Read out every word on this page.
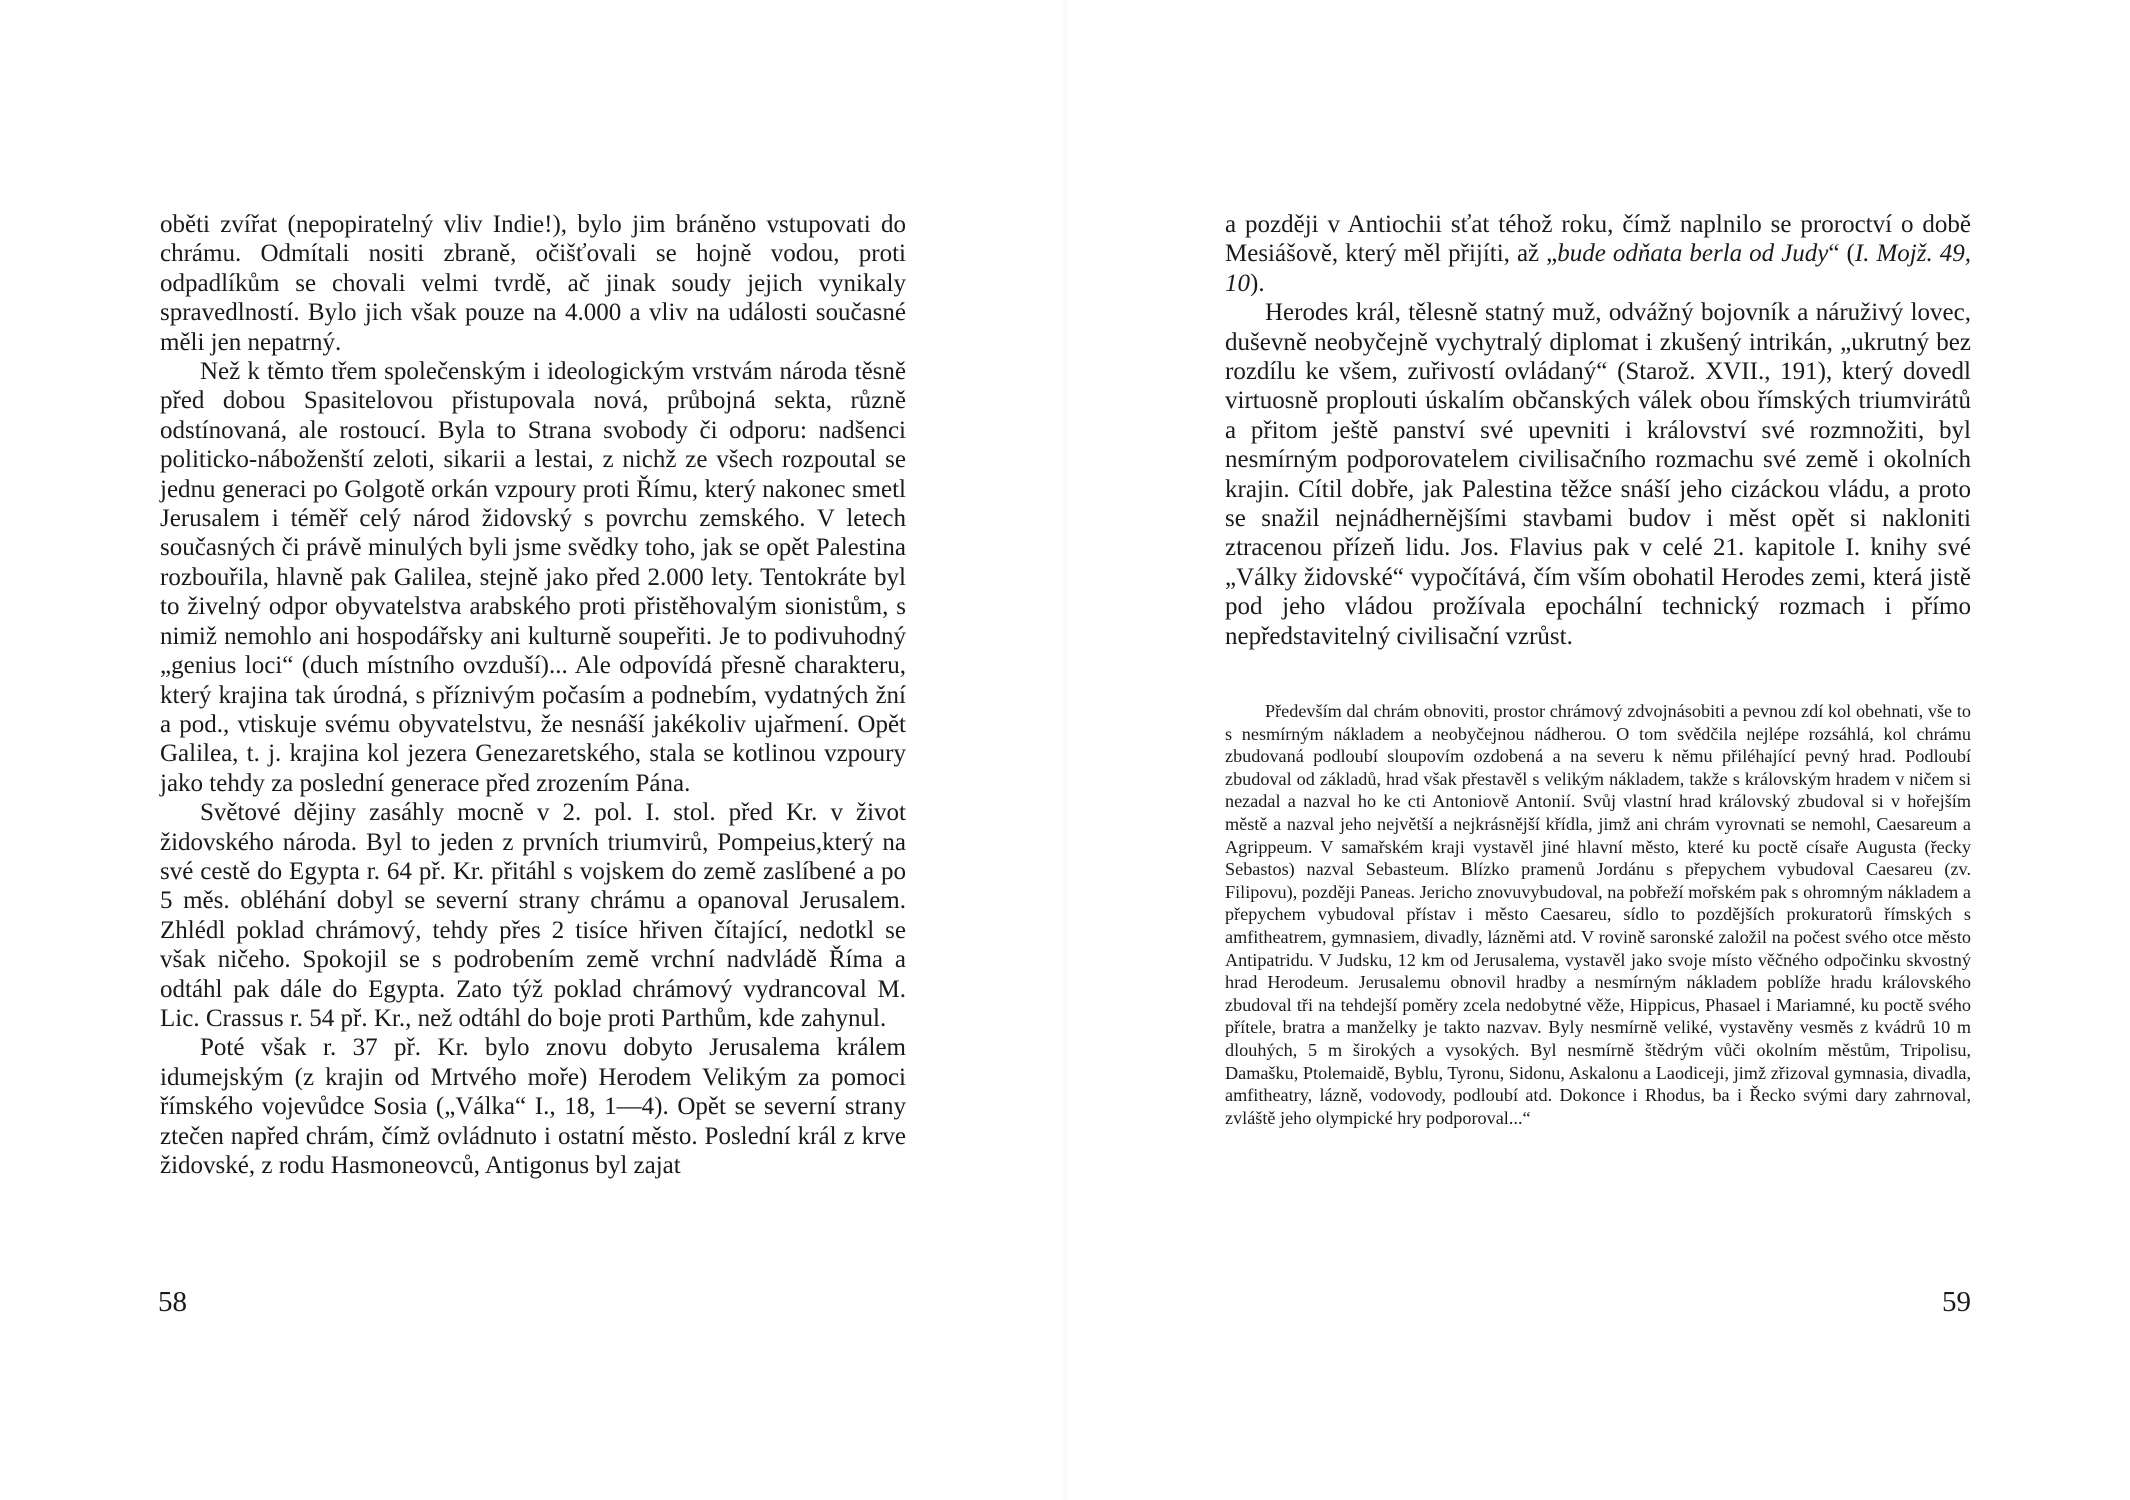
oběti zvířat (nepopiratelný vliv Indie!), bylo jim bráněno vstupovati do chrámu. Odmítali nositi zbraně, očišťovali se hojně vodou, proti odpadlíkům se chovali velmi tvrdě, ač jinak soudy jejich vynikaly spravedlností. Bylo jich však pouze na 4.000 a vliv na události současné měli jen nepatrný.

Než k těmto třem společenským i ideologickým vrstvám národa těsně před dobou Spasitelovou přistupovala nová, průbojná sekta, různě odstínovaná, ale rostoucí. Byla to Strana svobody či odporu: nadšenci politicko-náboženští zeloti, sikarii a lestai, z nichž ze všech rozpoutal se jednu generaci po Golgotě orkán vzpoury proti Římu, který nakonec smetl Jerusalem i téměř celý národ židovský s povrchu zemského. V letech současných či právě minulých byli jsme svědky toho, jak se opět Palestina rozbouřila, hlavně pak Galilea, stejně jako před 2.000 lety. Tentokráte byl to živelný odpor obyvatelstva arabského proti přistěhovalým sionistům, s nimiž nemohlo ani hospodářsky ani kulturně soupeřiti. Je to podivuhodný „genius loci“ (duch místního ovzduší)... Ale odpovídá přesně charakteru, který krajina tak úrodná, s příznivým počasím a podnebím, vydatných žní a pod., vtiskuje svému obyvatelstvu, že nesnáší jakékoliv ujařmení. Opět Galilea, t. j. krajina kol jezera Genezaretského, stala se kotlinou vzpoury jako tehdy za poslední generace před zrozením Pána.

Světové dějiny zasáhly mocně v 2. pol. I. stol. před Kr. v život židovského národa. Byl to jeden z prvních triumvirů, Pompeius,který na své cestě do Egypta r. 64 př. Kr. přitáhl s vojskem do země zaslíbené a po 5 měs. obléhání dobyl se severní strany chrámu a opanoval Jerusalem. Zhlédl poklad chrámový, tehdy přes 2 tisíce hřiven čítající, nedotkl se však ničeho. Spokojil se s podrobením země vrchní nadvládě Říma a odtáhl pak dále do Egypta. Zato týž poklad chrámový vydrancoval M. Lic. Crassus r. 54 př. Kr., než odtáhl do boje proti Parthům, kde zahynul.

Poté však r. 37 př. Kr. bylo znovu dobyto Jerusalema králem idumejským (z krajin od Mrtvého moře) Herodem Velikým za pomoci římského vojevůdce Sosia („Válka“ I., 18, 1—4). Opět se severní strany ztečen napřed chrám, čímž ovládnuto i ostatní město. Poslední král z krve židovské, z rodu Hasmoneovců, Antigonus byl zajat

58

a později v Antiochii sťat téhož roku, čímž naplnilo se proroctví o době Mesiášově, který měl přijíti, až „bude odňata berla od Judy“ (I. Mojž. 49, 10).

Herodes král, tělesně statný muž, odvážný bojovník a náruživý lovec, duševně neobyčejně vychytralý diplomat i zkušený intrikán, „ukrutný bez rozdílu ke všem, zuřivostí ovládaný“ (Starož. XVII., 191), který dovedl virtuosně proplouti úskalím občanských válek obou římských triumvirátů a přitom ještě panství své upevniti i království své rozmnožiti, byl nesmírným podporovatelem civilisačního rozmachu své země i okolních krajin. Cítil dobře, jak Palestina těžce snáší jeho cizáckou vládu, a proto se snažil nejnádhernějšími stavbami budov i měst opět si nakloniti ztracenou přízeň lidu. Jos. Flavius pak v celé 21. kapitole I. knihy své „Války židovské“ vypočítává, čím vším obohatil Herodes zemi, která jistě pod jeho vládou prožívala epochální technický rozmach i přímo nepředstavitelný civilisační vzrůst.

Především dal chrám obnoviti, prostor chrámový zdvojnásobiti a pevnou zdí kol obehnati, vše to s nesmírným nákladem a neobyčejnou nádherou. O tom svědčila nejlépe rozsáhlá, kol chrámu zbudovaná podloubí sloupovím ozdobená a na severu k němu přiléhající pevný hrad. Podloubí zbudoval od základů, hrad však přestavěl s velikým nákladem, takže s královským hradem v ničem si nezadal a nazval ho ke cti Antoniově Antonií. Svůj vlastní hrad královský zbudoval si v hořejším městě a nazval jeho největší a nejkrásnější křídla, jimž ani chrám vyrovnati se nemohl, Caesareum a Agrippeum. V samařském kraji vystavěl jiné hlavní město, které ku poctě císaře Augusta (řecky Sebastos) nazval Sebasteum. Blízko pramenů Jordánu s přepychem vybudoval Caesareu (zv. Filipovu), později Paneas. Jericho znovuvybudoval, na pobřeží mořském pak s ohromným nákladem a přepychem vybudoval přístav i město Caesareu, sídlo to pozdějších prokuratorů římských s amfitheatrem, gymnasiem, divadly, lázněmi atd. V rovině saronské založil na počest svého otce město Antipatridu. V Judsku, 12 km od Jerusalema, vystavěl jako svoje místo věčného odpočinku skvostný hrad Herodeum. Jerusalemu obnovil hradby a nesmírným nákladem poblíže hradu královského zbudoval tři na tehdejší poměry zcela nedobytné věže, Hippicus, Phasael i Mariamné, ku poctě svého přítele, bratra a manželky je takto nazvav. Byly nesmírně veliké, vystavěny vesměs z kvádrů 10 m dlouhých, 5 m širokých a vysokých. Byl nesmírně štědrým vůči okolním městům, Tripolisu, Damašku, Ptolemaidě, Byblu, Tyronu, Sidonu, Askalonu a Laodiceji, jimž zřizoval gymnasia, divadla, amfitheatry, lázně, vodovody, podloubí atd. Dokonce i Rhodus, ba i Řecko svými dary zahrnoval, zvláště jeho olympické hry podporoval...“

59
